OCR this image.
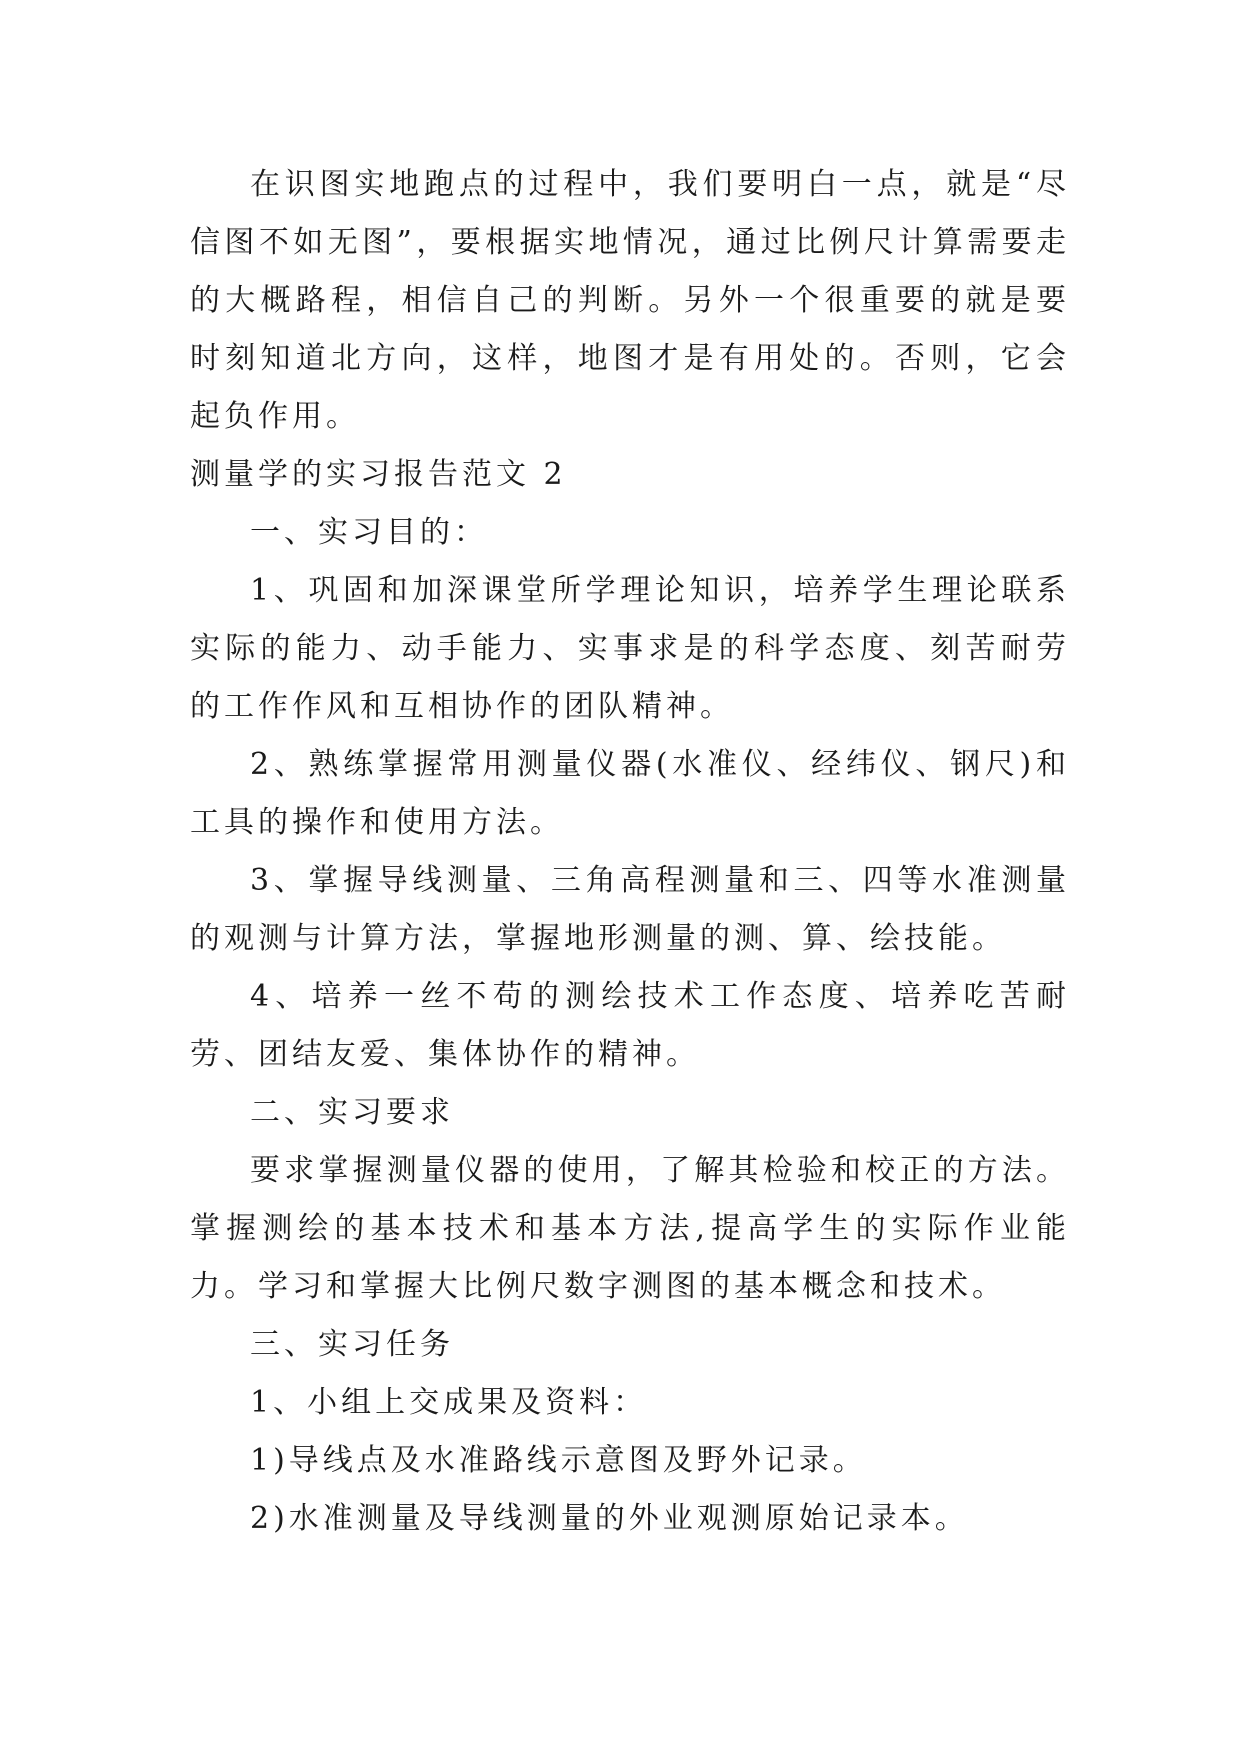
在识图实地跑点的过程中，我们要明白一点，就是“尽信图不如无图”，要根据实地情况，通过比例尺计算需要走的大概路程，相信自己的判断。另外一个很重要的就是要时刻知道北方向，这样，地图才是有用处的。否则，它会起负作用。

测量学的实习报告范文 2

一、实习目的：

1、巩固和加深课堂所学理论知识，培养学生理论联系实际的能力、动手能力、实事求是的科学态度、刻苦耐劳的工作作风和互相协作的团队精神。

2、熟练掌握常用测量仪器(水准仪、经纬仪、钢尺)和工具的操作和使用方法。

3、掌握导线测量、三角高程测量和三、四等水准测量的观测与计算方法，掌握地形测量的测、算、绘技能。

4、培养一丝不苟的测绘技术工作态度、培养吃苦耐劳、团结友爱、集体协作的精神。

二、实习要求

要求掌握测量仪器的使用，了解其检验和校正的方法。掌握测绘的基本技术和基本方法,提高学生的实际作业能力。学习和掌握大比例尺数字测图的基本概念和技术。

三、实习任务

1、小组上交成果及资料：

1)导线点及水准路线示意图及野外记录。

2)水准测量及导线测量的外业观测原始记录本。
